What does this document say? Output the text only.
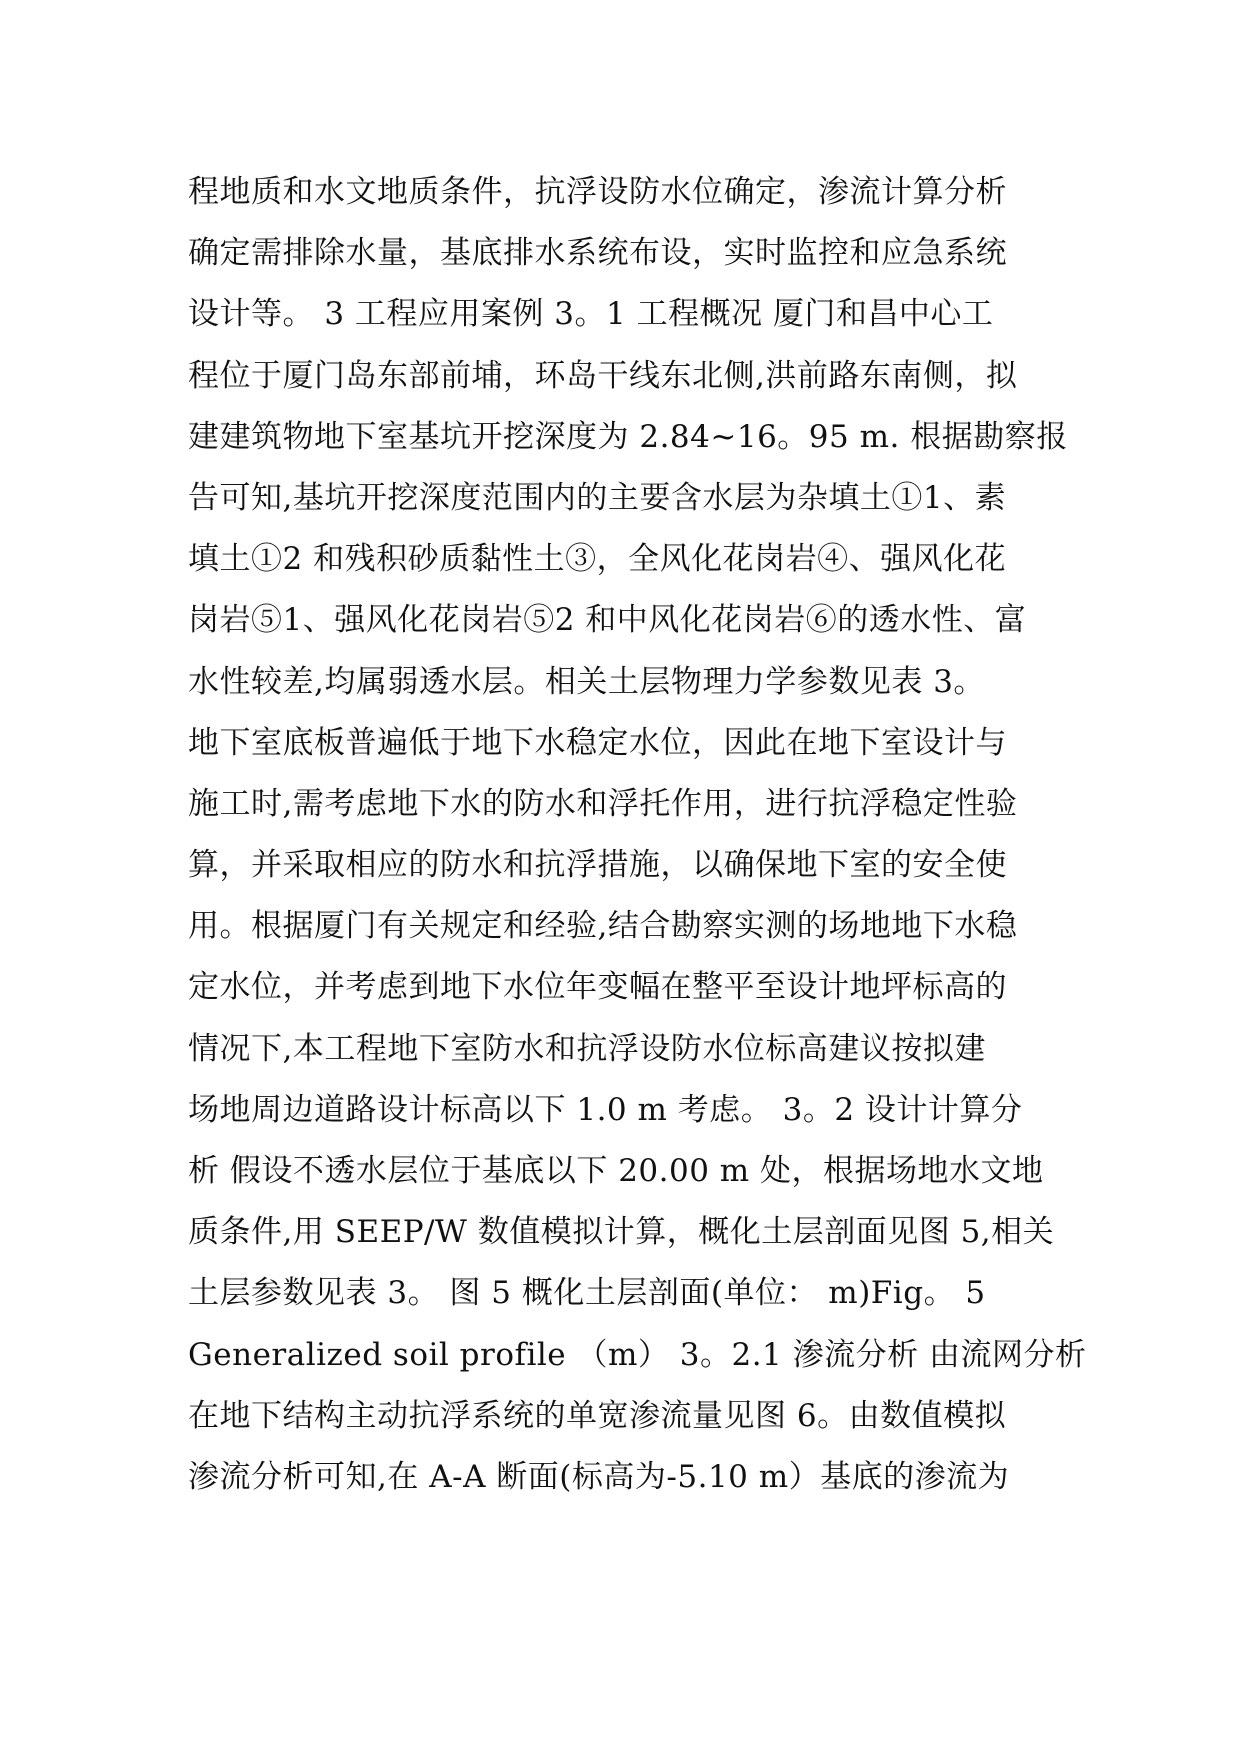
程地质和水文地质条件，抗浮设防水位确定，渗流计算分析
确定需排除水量，基底排水系统布设，实时监控和应急系统
设计等。 3 工程应用案例 3。1 工程概况 厦门和昌中心工
程位于厦门岛东部前埔，环岛干线东北侧,洪前路东南侧，拟
建建筑物地下室基坑开挖深度为 2.84~16。95 m. 根据勘察报
告可知,基坑开挖深度范围内的主要含水层为杂填土①1、素
填土①2 和残积砂质黏性土③，全风化花岗岩④、强风化花
岗岩⑤1、强风化花岗岩⑤2 和中风化花岗岩⑥的透水性、富
水性较差,均属弱透水层。相关土层物理力学参数见表 3。
地下室底板普遍低于地下水稳定水位，因此在地下室设计与
施工时,需考虑地下水的防水和浮托作用，进行抗浮稳定性验
算，并采取相应的防水和抗浮措施，以确保地下室的安全使
用。根据厦门有关规定和经验,结合勘察实测的场地地下水稳
定水位，并考虑到地下水位年变幅在整平至设计地坪标高的
情况下,本工程地下室防水和抗浮设防水位标高建议按拟建
场地周边道路设计标高以下 1.0 m 考虑。 3。2 设计计算分
析 假设不透水层位于基底以下 20.00 m 处，根据场地水文地
质条件,用 SEEP/W 数值模拟计算，概化土层剖面见图 5,相关
土层参数见表 3。 图 5 概化土层剖面(单位： m)Fig。 5
Generalized soil profile （m） 3。2.1 渗流分析 由流网分析
在地下结构主动抗浮系统的单宽渗流量见图 6。由数值模拟
渗流分析可知,在 A-A 断面(标高为-5.10 m）基底的渗流为
